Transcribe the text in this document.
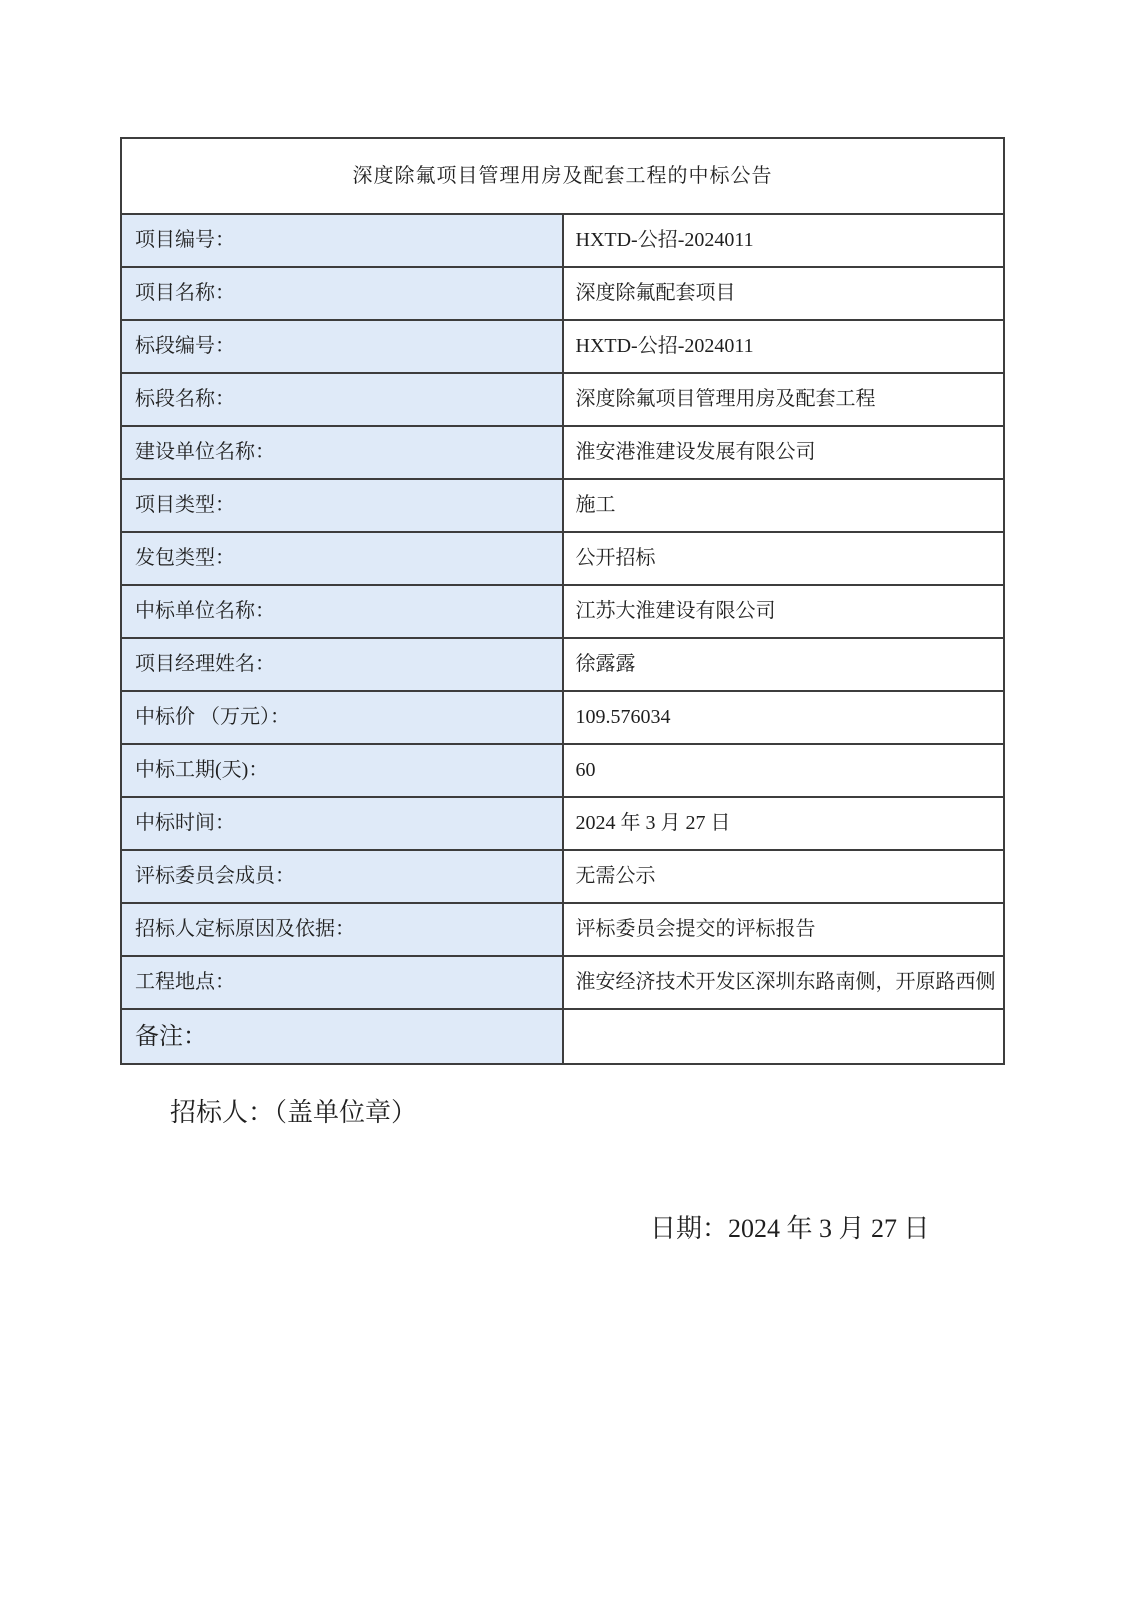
深度除氟项目管理用房及配套工程的中标公告	
项目编号：	HXTD-公招-2024011
项目名称：	深度除氟配套项目
标段编号：	HXTD-公招-2024011
标段名称：	深度除氟项目管理用房及配套工程
建设单位名称：	淮安港淮建设发展有限公司
项目类型：	施工
发包类型：	公开招标
中标单位名称：	江苏大淮建设有限公司
项目经理姓名：	徐露露
中标价 （万元）：	109.576034
中标工期(天)：	60
中标时间：	2024 年 3 月 27 日
评标委员会成员：	无需公示
招标人定标原因及依据：	评标委员会提交的评标报告
工程地点：	淮安经济技术开发区深圳东路南侧，开原路西侧
备注：	
招标人：（盖单位章）
日期：2024 年 3 月 27 日
